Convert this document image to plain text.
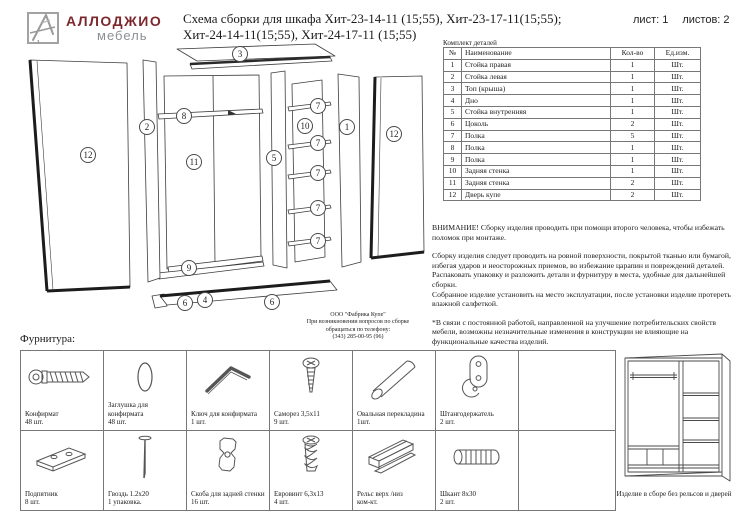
АЛЛОДЖИО
мебель
Схема сборки для шкафа Хит-23-14-11 (15;55), Хит-23-17-11(15;55);
Хит-24-14-11(15;55), Хит-24-17-11 (15;55)
лист: 1 листов: 2
12
2
8
11
9
3
5
10
7
7
7
7
7
1
12
6	4	6
Комплект деталей
№	Наименование	Кол-во	Ед.изм.
1	Стойка правая	1	Шт.
2	Стойка левая	1	Шт.
3	Топ (крыша)	1	Шт.
4	Дно	1	Шт.
5	Стойка внутренняя	1	Шт.
6	Цоколь	2	Шт.
7	Полка	5	Шт.
8	Полка	1	Шт.
9	Полка	1	Шт.
10	Задняя стенка	1	Шт.
11	Задняя стенка	2	Шт.
12	Дверь купе	2	Шт.

ВНИМАНИЕ! Сборку изделия проводить при помощи второго человека, чтобы избежать поломок при монтаже.

Сборку изделия следует проводить на ровной поверхности, покрытой тканью или бумагой, избегая ударов и неосторожных приемов, во избежание царапин и повреждений деталей.

Распаковать упаковку и разложить детали и фурнитуру в места, удобные для дальнейшей сборки.

Собранное изделие установить на место эксплуатации, после установки изделие протереть влажной салфеткой.

*В связи с постоянной работой, направленной на улучшение потребительских свойств мебели, возможны незначительные изменения в конструкции не влияющие на функциональные качества изделий.

ООО "Фабрика Купе"
При возникновении вопросов по сборке
обращаться по телефону:
(343) 285-00-95 (96)
Фурнитура:
Конфирмат
48 шт.
Заглушка для конфирмата
48 шт.
Ключ для конфирмата
1 шт.
Саморез 3,5х11
9 шт.
Овальная перекладина
1шт.
Штангодержатель
2 шт.
Подпятник
8 шт.
Гвоздь 1.2х20
1 упаковка.
Скоба для задней стенки
16 шт.
Евровинт 6,3х13
4 шт.
Рельс верх /низ
ком-кт.
Шкант 8х30
2 шт.
Изделие в сборе без рельсов и дверей
